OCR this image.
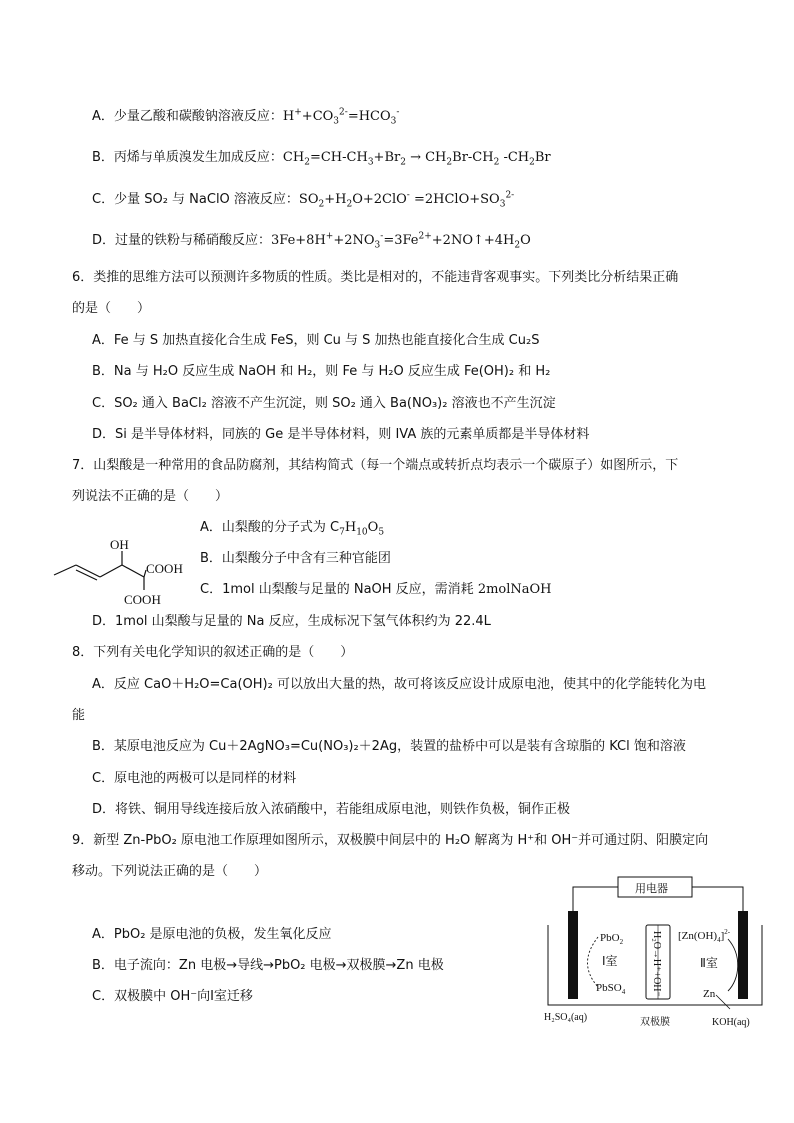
A．少量乙酸和碳酸钠溶液反应：$H^++CO_3^{2-}=HCO_3^-$
B．丙烯与单质溴发生加成反应：$CH_2=CH-CH_3+Br_2 \to CH_2Br-CH_2$ $-CH_2Br$
C．少量 SO₂ 与 NaClO 溶液反应：$SO_2+H_2O+2ClO^-$ $=2HClO+SO_3^{2-}$
D．过量的铁粉与稀硝酸反应：$3Fe+8H^++2NO_3^-=3Fe^{2+}+2NO↑+4H_2O$
6．类推的思维方法可以预测许多物质的性质。类比是相对的，不能违背客观事实。下列类比分析结果正确
的是（　　）
A．Fe 与 S 加热直接化合生成 FeS，则 Cu 与 S 加热也能直接化合生成 Cu₂S
B．Na 与 H₂O 反应生成 NaOH 和 H₂，则 Fe 与 H₂O 反应生成 Fe(OH)₂ 和 H₂
C．SO₂ 通入 BaCl₂ 溶液不产生沉淀，则 SO₂ 通入 Ba(NO₃)₂ 溶液也不产生沉淀
D．Si 是半导体材料，同族的 Ge 是半导体材料，则 IVA 族的元素单质都是半导体材料
7．山梨酸是一种常用的食品防腐剂，其结构简式（每一个端点或转折点均表示一个碳原子）如图所示，下
列说法不正确的是（　　）
OH
COOH
COOH
A．山梨酸的分子式为 $C_7H_{10}O_5$
B．山梨酸分子中含有三种官能团
C．1mol 山梨酸与足量的 NaOH 反应，需消耗 2molNaOH
D．1mol 山梨酸与足量的 Na 反应，生成标况下氢气体积约为 22.4L
8．下列有关电化学知识的叙述正确的是（　　）
A．反应 CaO＋H₂O=Ca(OH)₂ 可以放出大量的热，故可将该反应设计成原电池，使其中的化学能转化为电
能
B．某原电池反应为 Cu＋2AgNO₃=Cu(NO₃)₂＋2Ag，装置的盐桥中可以是装有含琼脂的 KCl 饱和溶液
C．原电池的两极可以是同样的材料
D．将铁、铜用导线连接后放入浓硝酸中，若能组成原电池，则铁作负极，铜作正极
9．新型 Zn-PbO₂ 原电池工作原理如图所示，双极膜中间层中的 H₂O 解离为 H⁺和 OH⁻并可通过阴、阳膜定向
移动。下列说法正确的是（　　）
A．PbO₂ 是原电池的负极，发生氧化反应
B．电子流向：Zn 电极→导线→PbO₂ 电极→双极膜→Zn 电极
C．双极膜中 OH⁻向Ⅰ室迁移
用电器
H₂O→H⁺+OH⁻
PbO$_2$
Ⅰ室
PbSO$_4$
$[Zn(OH)_4]^{2-}$
Ⅱ室
Zn
H₂SO₄(aq)	双极膜	KOH(aq)
